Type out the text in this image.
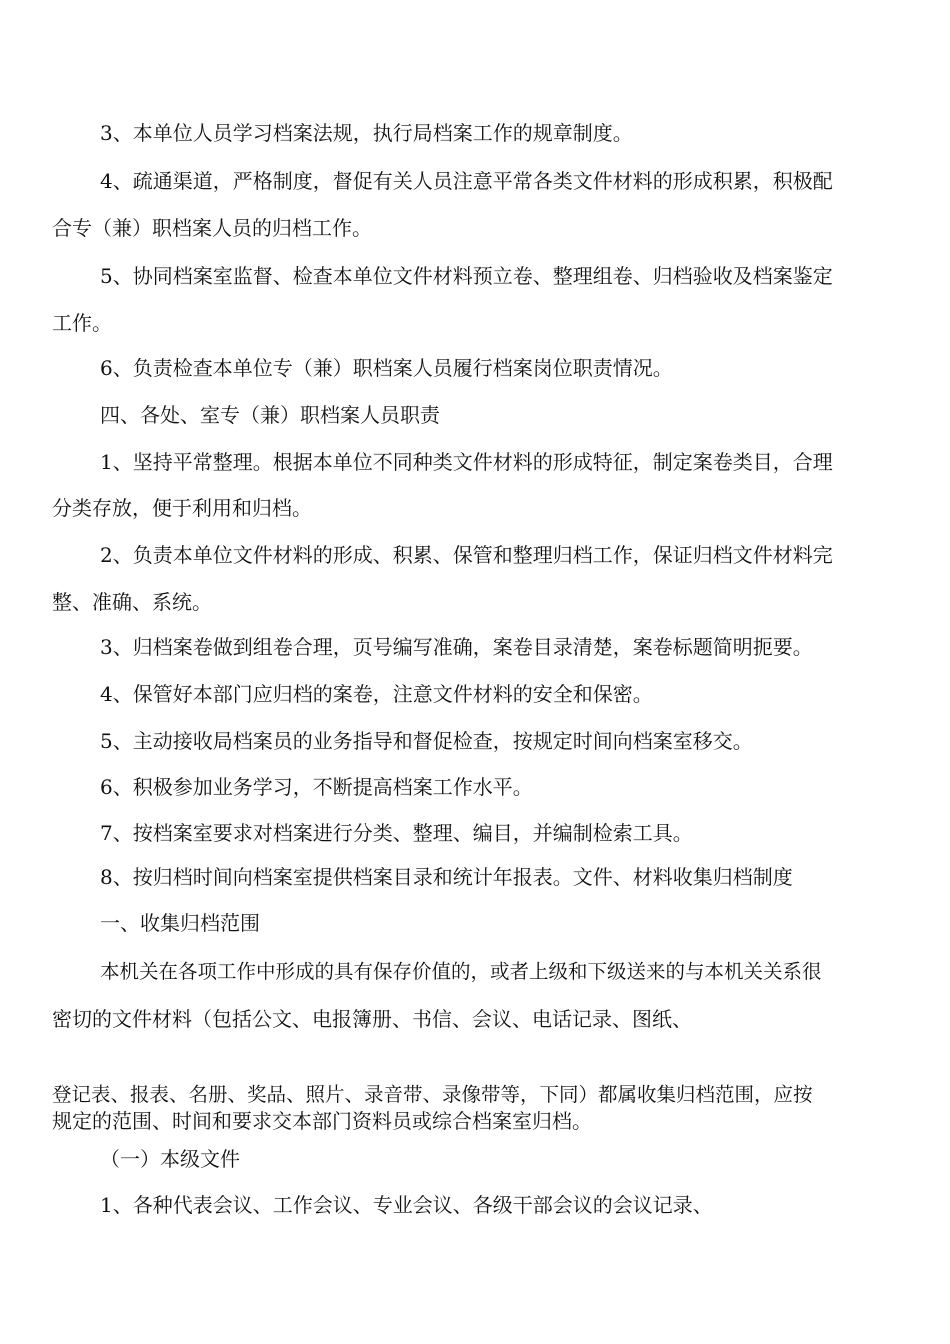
3、本单位人员学习档案法规，执行局档案工作的规章制度。

4、疏通渠道，严格制度，督促有关人员注意平常各类文件材料的形成积累，积极配

合专（兼）职档案人员的归档工作。

5、协同档案室监督、检查本单位文件材料预立卷、整理组卷、归档验收及档案鉴定

工作。

6、负责检查本单位专（兼）职档案人员履行档案岗位职责情况。

四、各处、室专（兼）职档案人员职责

1、坚持平常整理。根据本单位不同种类文件材料的形成特征，制定案卷类目，合理

分类存放，便于利用和归档。

2、负责本单位文件材料的形成、积累、保管和整理归档工作，保证归档文件材料完

整、准确、系统。

3、归档案卷做到组卷合理，页号编写准确，案卷目录清楚，案卷标题简明扼要。

4、保管好本部门应归档的案卷，注意文件材料的安全和保密。

5、主动接收局档案员的业务指导和督促检查，按规定时间向档案室移交。

6、积极参加业务学习，不断提高档案工作水平。

7、按档案室要求对档案进行分类、整理、编目，并编制检索工具。

8、按归档时间向档案室提供档案目录和统计年报表。文件、材料收集归档制度

一、收集归档范围

本机关在各项工作中形成的具有保存价值的，或者上级和下级送来的与本机关关系很

密切的文件材料（包括公文、电报簿册、书信、会议、电话记录、图纸、

登记表、报表、名册、奖品、照片、录音带、录像带等，下同）都属收集归档范围，应按

规定的范围、时间和要求交本部门资料员或综合档案室归档。

（一）本级文件

1、各种代表会议、工作会议、专业会议、各级干部会议的会议记录、
